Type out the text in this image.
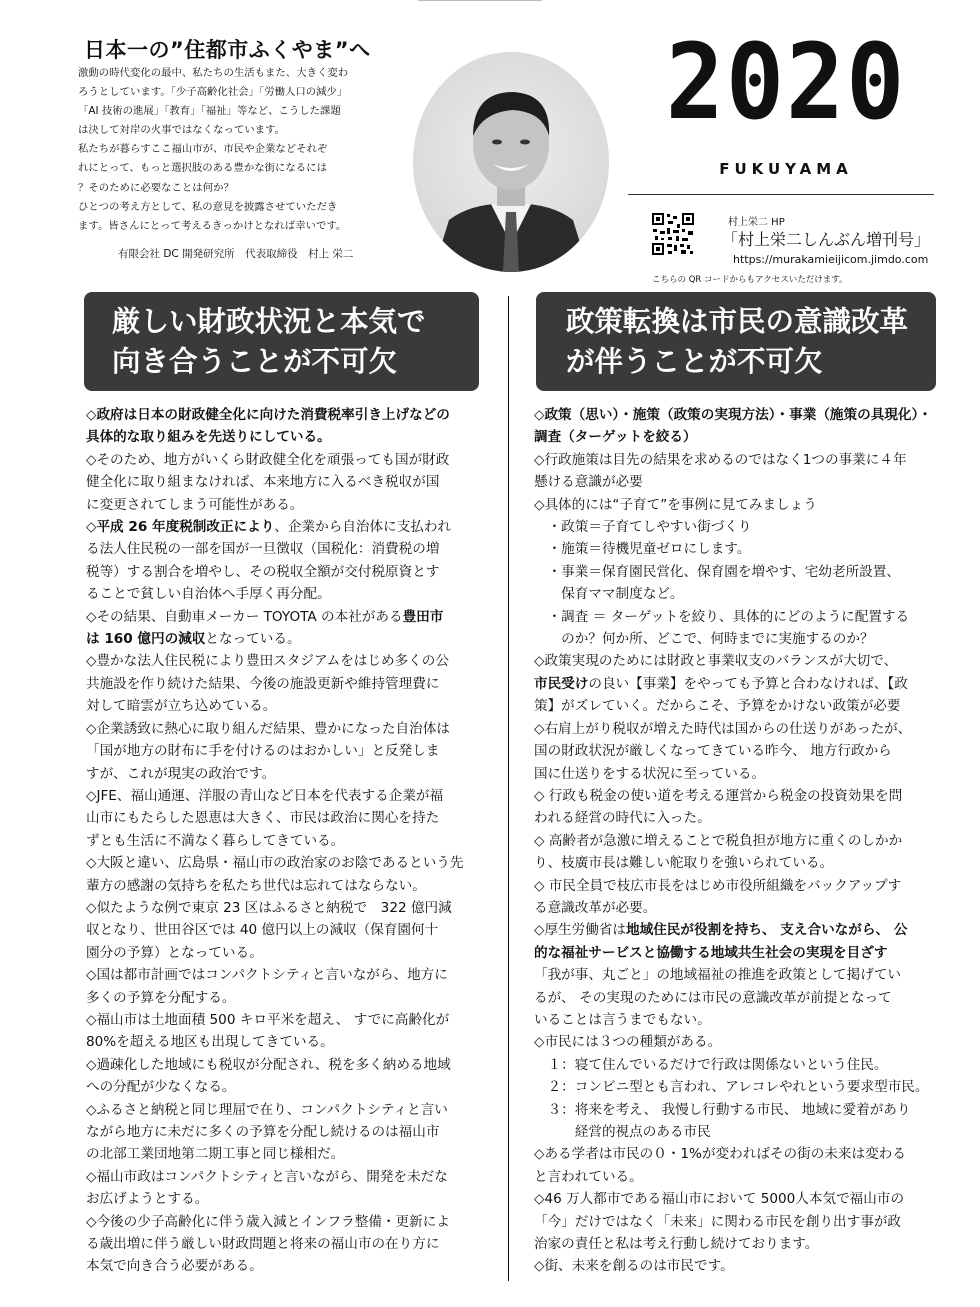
日本一の”住都市ふくやま”へ
激動の時代変化の最中、私たちの生活もまた、大きく変わ
ろうとしています。「少子高齢化社会」「労働人口の減少」
「AI 技術の進展」「教育」「福祉」等など、こうした課題
は決して対岸の火事ではなくなっています。
私たちが暮らすここ福山市が、市民や企業などそれぞ
れにとって、もっと選択肢のある豊かな街になるには
？そのために必要なことは何か？
ひとつの考え方として、私の意見を披露させていただき
ます。皆さんにとって考えるきっかけとなれば幸いです。
有限会社 DC 開発研究所　代表取締役　村上 栄二
2020
FUKUYAMA
村上栄二 HP
「村上栄二しんぶん増刊号」
https://murakamieijicom.jimdo.com
こちらの QR コードからもアクセスいただけます。
厳しい財政状況と本気で
向き合うことが不可欠
政策転換は市民の意識改革
が伴うことが不可欠
◇政府は日本の財政健全化に向けた消費税率引き上げなどの
具体的な取り組みを先送りにしている。
◇そのため、地方がいくら財政健全化を頑張っても国が財政
健全化に取り組まなければ、本来地方に入るべき税収が国
に変更されてしまう可能性がある。
◇平成 26 年度税制改正により、企業から自治体に支払われ
る法人住民税の一部を国が一旦徴収（国税化：消費税の増
税等）する割合を増やし、その税収全額が交付税原資とす
ることで貧しい自治体へ手厚く再分配。
◇その結果、自動車メーカー TOYOTA の本社がある豊田市
は 160 億円の減収となっている。
◇豊かな法人住民税により豊田スタジアムをはじめ多くの公
共施設を作り続けた結果、今後の施設更新や維持管理費に
対して暗雲が立ち込めている。
◇企業誘致に熱心に取り組んだ結果、豊かになった自治体は
「国が地方の財布に手を付けるのはおかしい」と反発しま
すが、これが現実の政治です。
◇JFE、福山通運、洋服の青山など日本を代表する企業が福
山市にもたらした恩恵は大きく、市民は政治に関心を持た
ずとも生活に不満なく暮らしてきている。
◇大阪と違い、広島県・福山市の政治家のお陰であるという先
輩方の感謝の気持ちを私たち世代は忘れてはならない。
◇似たような例で東京 23 区はふるさと納税で　322 億円減
収となり、世田谷区では 40 億円以上の減収（保育園何十
園分の予算）となっている。
◇国は都市計画ではコンパクトシティと言いながら、地方に
多くの予算を分配する。
◇福山市は土地面積 500 キロ平米を超え、 すでに高齢化が
80%を超える地区も出現してきている。
◇過疎化した地域にも税収が分配され、税を多く納める地域
への分配が少なくなる。
◇ふるさと納税と同じ理屈で在り、コンパクトシティと言い
ながら地方に未だに多くの予算を分配し続けるのは福山市
の北部工業団地第二期工事と同じ様相だ。
◇福山市政はコンパクトシティと言いながら、開発を未だな
お広げようとする。
◇今後の少子高齢化に伴う歳入減とインフラ整備・更新によ
る歳出増に伴う厳しい財政問題と将来の福山市の在り方に
本気で向き合う必要がある。
◇政策（思い）・施策（政策の実現方法）・事業（施策の具現化）・
調査（ターゲットを絞る）
◇行政施策は目先の結果を求めるのではなく1つの事業に４年
懸ける意識が必要
◇具体的には“子育て”を事例に見てみましょう
　・政策＝子育てしやすい街づくり
　・施策＝待機児童ゼロにします。
　・事業＝保育園民営化、保育園を増やす、宅幼老所設置、
　　保育ママ制度など。
　・調査 ＝ ターゲットを絞り、具体的にどのように配置する
　　のか？何か所、どこで、何時までに実施するのか？
◇政策実現のためには財政と事業収支のバランスが大切で、
市民受けの良い【事業】をやっても予算と合わなければ、【政
策】がズレていく。だからこそ、予算をかけない政策が必要
◇右肩上がり税収が増えた時代は国からの仕送りがあったが、
国の財政状況が厳しくなってきている昨今、 地方行政から
国に仕送りをする状況に至っている。
◇ 行政も税金の使い道を考える運営から税金の投資効果を問
われる経営の時代に入った。
◇ 高齢者が急激に増えることで税負担が地方に重くのしかか
り、枝廣市長は難しい舵取りを強いられている。
◇ 市民全員で枝広市長をはじめ市役所組織をバックアップす
る意識改革が必要。
◇厚生労働省は地域住民が役割を持ち、 支え合いながら、 公
的な福祉サービスと協働する地域共生社会の実現を目ざす
「我が事、丸ごと」の地域福祉の推進を政策として掲げてい
るが、 その実現のためには市民の意識改革が前提となって
いることは言うまでもない。
◇市民には３つの種類がある。
　１：寝て住んでいるだけで行政は関係ないという住民。
　２：コンビニ型とも言われ、アレコレやれという要求型市民。
　３：将来を考え、 我慢し行動する市民、 地域に愛着があり
　　　経営的視点のある市民
◇ある学者は市民の０・1%が変わればその街の未来は変わる
と言われている。
◇46 万人都市である福山市において 5000人本気で福山市の
「今」だけではなく「未来」に関わる市民を創り出す事が政
治家の責任と私は考え行動し続けております。
◇街、未来を創るのは市民です。
